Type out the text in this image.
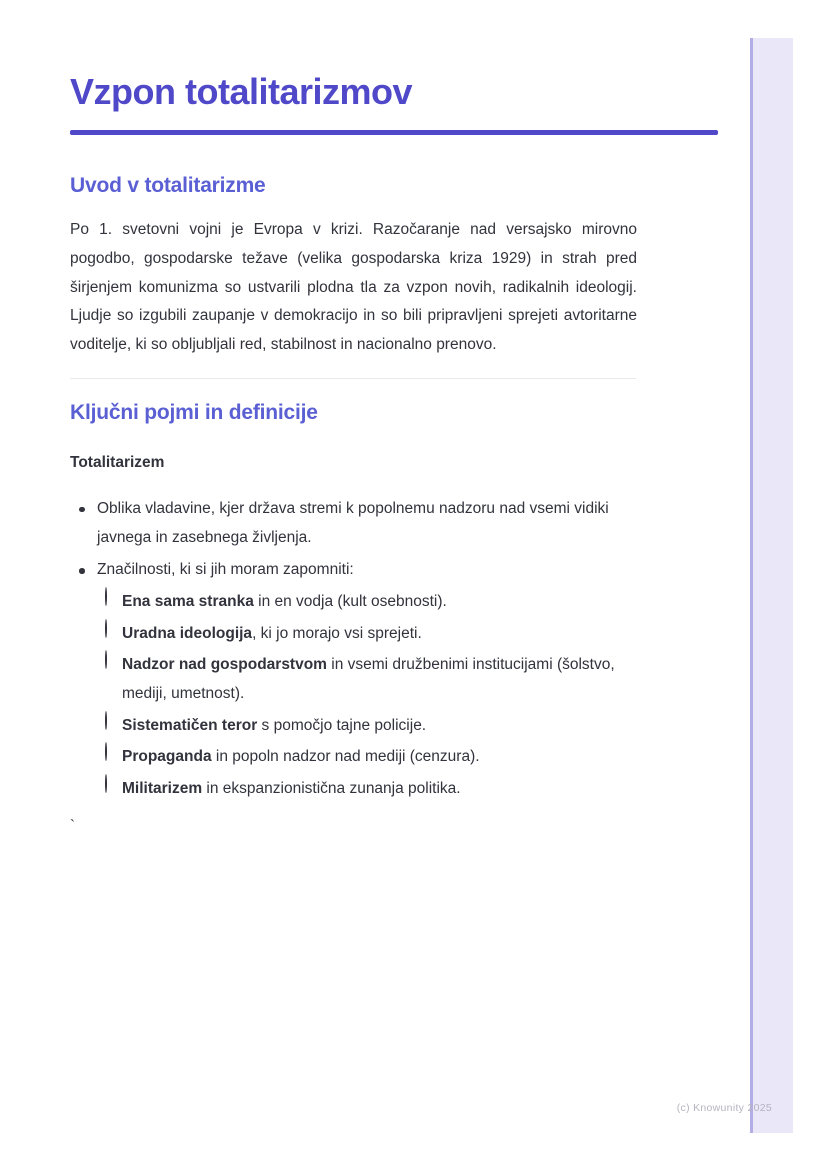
Vzpon totalitarizmov
Uvod v totalitarizme

Po 1. svetovni vojni je Evropa v krizi. Razočaranje nad versajsko mirovno pogodbo, gospodarske težave (velika gospodarska kriza 1929) in strah pred širjenjem komunizma so ustvarili plodna tla za vzpon novih, radikalnih ideologij. Ljudje so izgubili zaupanje v demokracijo in so bili pripravljeni sprejeti avtoritarne voditelje, ki so obljubljali red, stabilnost in nacionalno prenovo.

Ključni pojmi in definicije

Totalitarizem

Oblika vladavine, kjer država stremi k popolnemu nadzoru nad vsemi vidiki javnega in zasebnega življenja.
Značilnosti, ki si jih moram zapomniti:

Ena sama stranka in en vodja (kult osebnosti).

Uradna ideologija, ki jo morajo vsi sprejeti.

Nadzor nad gospodarstvom in vsemi družbenimi institucijami (šolstvo, mediji, umetnost).

Sistematičen teror s pomočjo tajne policije.

Propaganda in popoln nadzor nad mediji (cenzura).

Militarizem in ekspanzionistična zunanja politika.

`
(c) Knowunity 2025
